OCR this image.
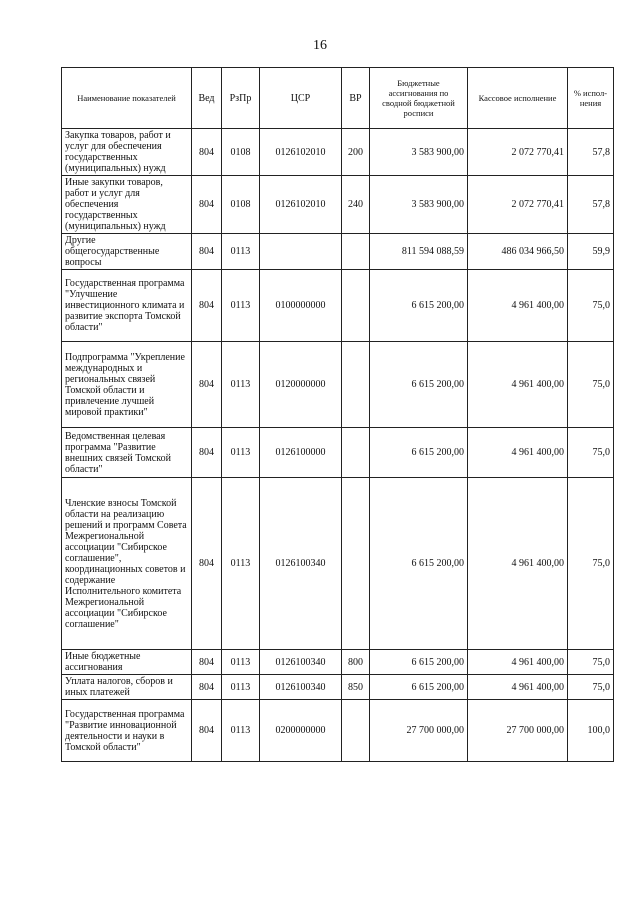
16
Наименование показателей	Вед	РзПр	ЦСР	ВР	Бюджетные ассигнования по сводной бюджетной росписи	Кассовое исполнение	% испол-нения
Закупка товаров, работ и услуг для обеспечения государственных (муниципальных) нужд	804	0108	0126102010	200	3 583 900,00	2 072 770,41	57,8
Иные закупки товаров, работ и услуг для обеспечения государственных (муниципальных) нужд	804	0108	0126102010	240	3 583 900,00	2 072 770,41	57,8
Другие общегосударственные вопросы	804	0113			811 594 088,59	486 034 966,50	59,9
Государственная программа "Улучшение инвестиционного климата и развитие экспорта Томской области"	804	0113	0100000000		6 615 200,00	4 961 400,00	75,0
Подпрограмма "Укрепление международных и региональных связей Томской области и привлечение лучшей мировой практики"	804	0113	0120000000		6 615 200,00	4 961 400,00	75,0
Ведомственная целевая программа "Развитие внешних связей Томской области"	804	0113	0126100000		6 615 200,00	4 961 400,00	75,0
Членские взносы Томской области на реализацию решений и программ Совета Межрегиональной ассоциации "Сибирское соглашение", координационных советов и содержание Исполнительного комитета Межрегиональной ассоциации "Сибирское соглашение"	804	0113	0126100340		6 615 200,00	4 961 400,00	75,0
Иные бюджетные ассигнования	804	0113	0126100340	800	6 615 200,00	4 961 400,00	75,0
Уплата налогов, сборов и иных платежей	804	0113	0126100340	850	6 615 200,00	4 961 400,00	75,0
Государственная программа "Развитие инновационной деятельности и науки в Томской области"	804	0113	0200000000		27 700 000,00	27 700 000,00	100,0
